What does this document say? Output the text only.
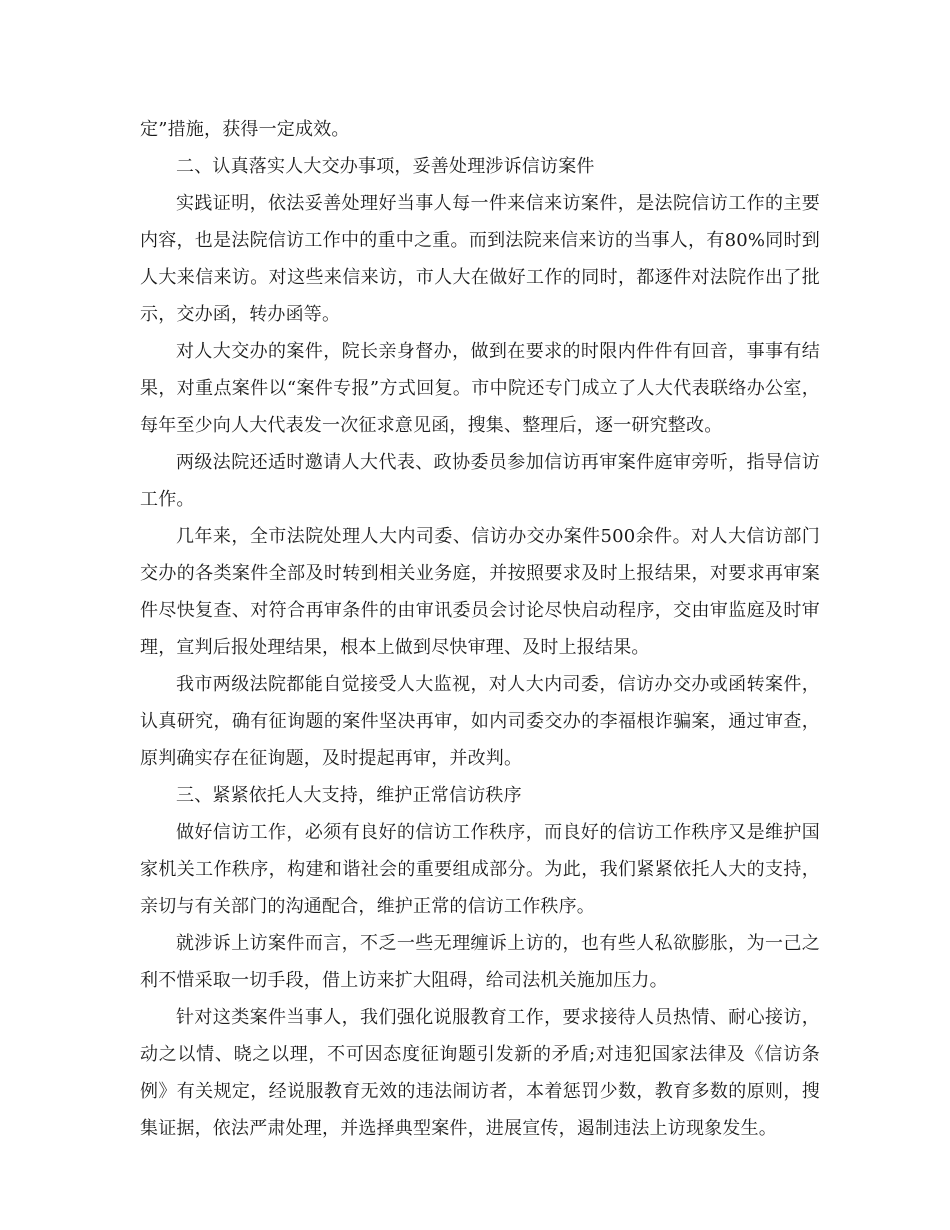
定”措施，获得一定成效。

二、认真落实人大交办事项，妥善处理涉诉信访案件

实践证明，依法妥善处理好当事人每一件来信来访案件，是法院信访工作的主要内容，也是法院信访工作中的重中之重。而到法院来信来访的当事人，有80%同时到人大来信来访。对这些来信来访，市人大在做好工作的同时，都逐件对法院作出了批示，交办函，转办函等。

对人大交办的案件，院长亲身督办，做到在要求的时限内件件有回音，事事有结果，对重点案件以“案件专报”方式回复。市中院还专门成立了人大代表联络办公室，每年至少向人大代表发一次征求意见函，搜集、整理后，逐一研究整改。

两级法院还适时邀请人大代表、政协委员参加信访再审案件庭审旁听，指导信访工作。

几年来，全市法院处理人大内司委、信访办交办案件500余件。对人大信访部门交办的各类案件全部及时转到相关业务庭，并按照要求及时上报结果，对要求再审案件尽快复查、对符合再审条件的由审讯委员会讨论尽快启动程序，交由审监庭及时审理，宣判后报处理结果，根本上做到尽快审理、及时上报结果。

我市两级法院都能自觉接受人大监视，对人大内司委，信访办交办或函转案件，认真研究，确有征询题的案件坚决再审，如内司委交办的李福根诈骗案，通过审查，原判确实存在征询题，及时提起再审，并改判。

三、紧紧依托人大支持，维护正常信访秩序

做好信访工作，必须有良好的信访工作秩序，而良好的信访工作秩序又是维护国家机关工作秩序，构建和谐社会的重要组成部分。为此，我们紧紧依托人大的支持，亲切与有关部门的沟通配合，维护正常的信访工作秩序。

就涉诉上访案件而言，不乏一些无理缠诉上访的，也有些人私欲膨胀，为一己之利不惜采取一切手段，借上访来扩大阻碍，给司法机关施加压力。

针对这类案件当事人，我们强化说服教育工作，要求接待人员热情、耐心接访，动之以情、晓之以理，不可因态度征询题引发新的矛盾;对违犯国家法律及《信访条例》有关规定，经说服教育无效的违法闹访者，本着惩罚少数，教育多数的原则，搜集证据，依法严肃处理，并选择典型案件，进展宣传，遏制违法上访现象发生。
